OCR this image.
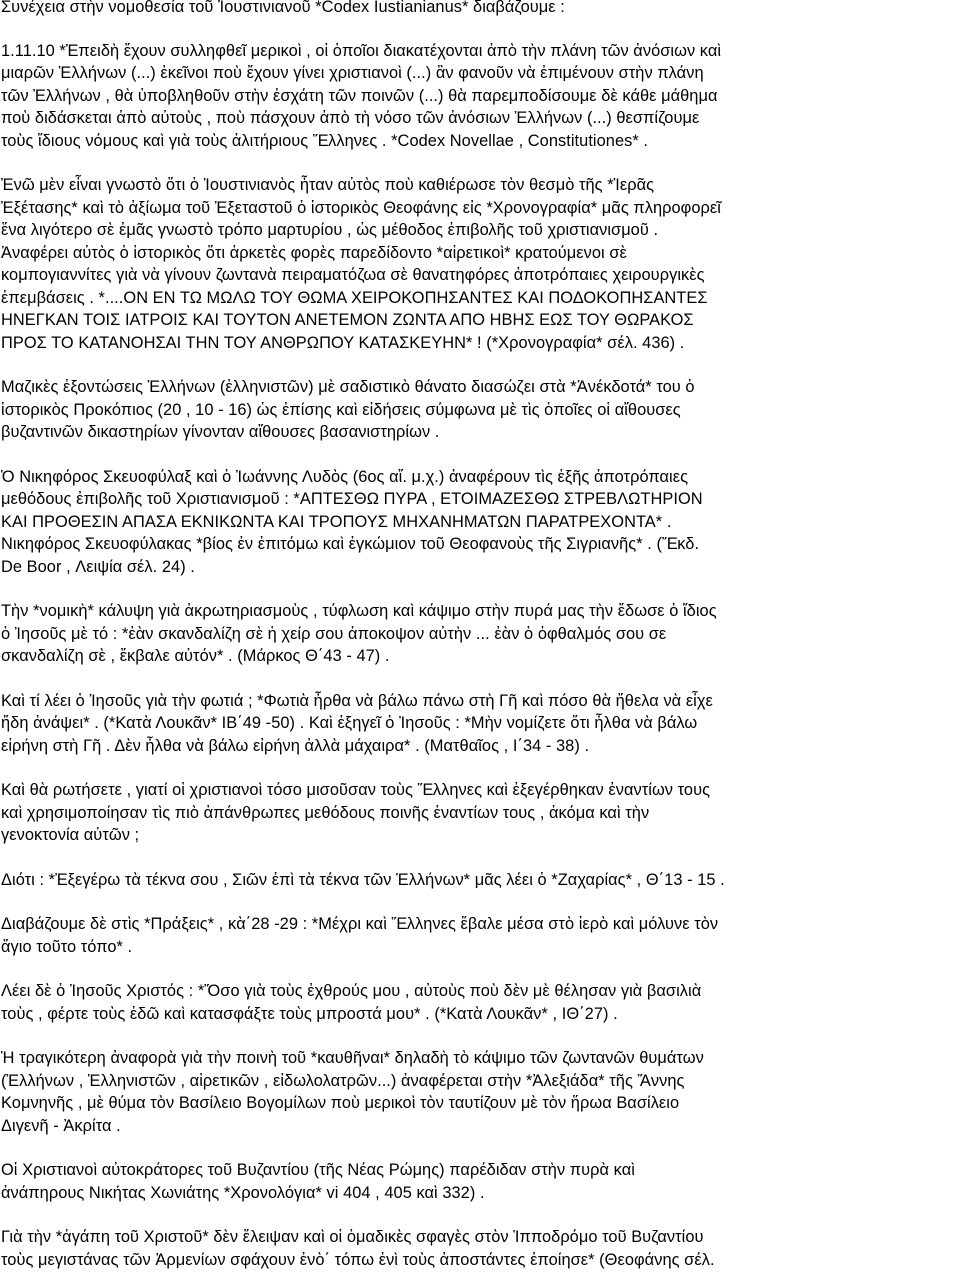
Συνέχεια στὴν νομοθεσία τοῦ Ἰουστινιανοῦ *Codex Iustianianus* διαβάζουμε :
1.11.10 *Ἐπειδὴ ἔχουν συλληφθεῖ μερικοὶ , οἱ ὁποῖοι διακατέχονται ἀπὸ τὴν πλάνη τῶν ἀνόσιων καὶ
μιαρῶν Ἑλλήνων (...) ἐκεῖνοι ποὺ ἔχουν γίνει χριστιανοὶ (...) ἂν φανοῦν νὰ ἐπιμένουν στὴν πλάνη
τῶν Ἑλλήνων , θὰ ὑποβληθοῦν στὴν ἐσχάτη τῶν ποινῶν (...) θὰ παρεμποδίσουμε δὲ κάθε μάθημα
ποὺ διδάσκεται ἀπὸ αὐτοὺς , ποὺ πάσχουν ἀπὸ τὴ νόσο τῶν ἀνόσιων Ἑλλήνων (...) θεσπίζουμε
τοὺς ἴδιους νόμους καὶ γιὰ τοὺς ἀλιτήριους Ἕλληνες . *Codex Novellae , Constitutiones* .
Ἐνῶ μὲν εἶναι γνωστὸ ὅτι ὁ Ἰουστινιανὸς ἦταν αὐτὸς ποὺ καθιέρωσε τὸν θεσμὸ τῆς *Ἱερᾶς
Ἐξέτασης* καὶ τὸ ἀξίωμα τοῦ Ἐξεταστοῦ ὁ ἱστορικὸς Θεοφάνης εἰς *Χρονογραφία* μᾶς πληροφορεῖ
ἕνα λιγότερο σὲ ἐμᾶς γνωστὸ τρόπο μαρτυρίου , ὡς μέθοδος ἐπιβολῆς τοῦ χριστιανισμοῦ .
Ἀναφέρει αὐτὸς ὁ ἱστορικὸς ὅτι ἀρκετὲς φορὲς παρεδίδοντο *αἱρετικοὶ* κρατούμενοι σὲ
κομπογιαννίτες γιὰ νὰ γίνουν ζωντανὰ πειραματόζωα σὲ θανατηφόρες ἀποτρόπαιες χειρουργικὲς
ἐπεμβάσεις . *....ΟΝ ΕΝ ΤΩ ΜΩΛΩ ΤΟΥ ΘΩΜΑ ΧΕΙΡΟΚΟΠΗΣΑΝΤΕΣ ΚΑΙ ΠΟΔΟΚΟΠΗΣΑΝΤΕΣ
ΗΝΕΓΚΑΝ ΤΟΙΣ ΙΑΤΡΟΙΣ ΚΑΙ ΤΟΥΤΟΝ ΑΝΕΤΕΜΟΝ ΖΩΝΤΑ ΑΠΟ ΗΒΗΣ ΕΩΣ ΤΟΥ ΘΩΡΑΚΟΣ
ΠΡΟΣ ΤΟ ΚΑΤΑΝΟΗΣΑΙ ΤΗΝ ΤΟΥ ΑΝΘΡΩΠΟΥ ΚΑΤΑΣΚΕΥΗΝ* ! (*Χρονογραφία* σέλ. 436) .
Μαζικὲς ἐξοντώσεις Ἑλλήνων (ἑλληνιστῶν) μὲ σαδιστικὸ θάνατο διασώζει στὰ *Ἀνέκδοτά* του ὁ
ἱστορικὸς Προκόπιος (20 , 10 - 16) ὡς ἐπίσης καὶ εἰδήσεις σύμφωνα μὲ τὶς ὁποῖες οἱ αἴθουσες
βυζαντινῶν δικαστηρίων γίνονταν αἴθουσες βασανιστηρίων .
Ὁ Νικηφόρος Σκευοφύλαξ καὶ ὁ Ἰωάννης Λυδὸς (6ος αἴ. μ.χ.) ἀναφέρουν τὶς ἑξῆς ἀποτρόπαιες
μεθόδους ἐπιβολῆς τοῦ Χριστιανισμοῦ : *ΑΠΤΕΣΘΩ ΠΥΡΑ , ΕΤΟΙΜΑΖΕΣΘΩ ΣΤΡΕΒΛΩΤΗΡΙΟΝ
ΚΑΙ ΠΡΟΘΕΣΙΝ ΑΠΑΣΑ ΕΚΝΙΚΩΝΤΑ ΚΑΙ ΤΡΟΠΟΥΣ ΜΗΧΑΝΗΜΑΤΩΝ ΠΑΡΑΤΡΕΧΟΝΤΑ* .
Νικηφόρος Σκευοφύλακας *βίος ἐν ἐπιτόμω καὶ ἐγκώμιον τοῦ Θεοφανοὺς τῆς Σιγριανῆς* . (Ἔκδ.
De Boor , Λειψία σέλ. 24) .
Τὴν *νομικὴ* κάλυψη γιὰ ἀκρωτηριασμοὺς , τύφλωση καὶ κάψιμο στὴν πυρά μας τὴν ἔδωσε ὁ ἴδιος
ὁ Ἰησοῦς μὲ τό : *ἐὰν σκανδαλίζη σὲ ἡ χείρ σου ἀποκοψον αὐτὴν ... ἐὰν ὁ ὀφθαλμός σου σε
σκανδαλίζη σὲ , ἔκβαλε αὐτόν* . (Μάρκος Θ΄43 - 47) .
Καὶ τί λέει ὁ Ἰησοῦς γιὰ τὴν φωτιά ; *Φωτιὰ ἦρθα νὰ βάλω πάνω στὴ Γῆ καὶ πόσο θὰ ἤθελα νὰ εἶχε
ἤδη ἀνάψει* . (*Κατὰ Λουκᾶν* ΙΒ΄49 -50) . Καὶ ἐξηγεῖ ὁ Ἰησοῦς : *Μὴν νομίζετε ὅτι ἦλθα νὰ βάλω
εἰρήνη στὴ Γῆ . Δὲν ἦλθα νὰ βάλω εἰρήνη ἀλλὰ μάχαιρα* . (Ματθαῖος , Ι΄34 - 38) .
Καὶ θὰ ρωτήσετε , γιατί οἱ χριστιανοὶ τόσο μισοῦσαν τοὺς Ἕλληνες καὶ ἐξεγέρθηκαν ἐναντίων τους
καὶ χρησιμοποίησαν τὶς πιὸ ἀπάνθρωπες μεθόδους ποινῆς ἐναντίων τους , ἀκόμα καὶ τὴν
γενοκτονία αὐτῶν ;
Διότι : *Ἐξεγέρω τὰ τέκνα σου , Σιῶν ἐπὶ τὰ τέκνα τῶν Ἑλλήνων* μᾶς λέει ὁ *Ζαχαρίας* , Θ΄13 - 15 .
Διαβάζουμε δὲ στὶς *Πράξεις* , κὰ΄28 -29 : *Μέχρι καὶ Ἕλληνες ἔβαλε μέσα στὸ ἱερὸ καὶ μόλυνε τὸν
ἅγιο τοῦτο τόπο* .
Λέει δὲ ὁ Ἰησοῦς Χριστός : *Ὅσο γιὰ τοὺς ἐχθρούς μου , αὐτοὺς ποὺ δὲν μὲ θέλησαν γιὰ βασιλιὰ
τοὺς , φέρτε τοὺς ἐδῶ καὶ κατασφάξτε τοὺς μπροστά μου* . (*Κατὰ Λουκᾶν* , ΙΘ΄27) .
Ἡ τραγικότερη ἀναφορὰ γιὰ τὴν ποινὴ τοῦ *καυθῆναι* δηλαδὴ τὸ κάψιμο τῶν ζωντανῶν θυμάτων
(Ἑλλήνων , Ἑλληνιστῶν , αἱρετικῶν , εἰδωλολατρῶν...) ἀναφέρεται στὴν *Ἀλεξιάδα* τῆς Ἄννης
Κομνηνῆς , μὲ θύμα τὸν Βασίλειο Βογομίλων ποὺ μερικοὶ τὸν ταυτίζουν μὲ τὸν ἥρωα Βασίλειο
Διγενῆ - Ἀκρίτα .
Οἱ Χριστιανοὶ αὐτοκράτορες τοῦ Βυζαντίου (τῆς Νέας Ρώμης) παρέδιδαν στὴν πυρὰ καὶ
ἀνάπηρους Νικήτας Χωνιάτης *Χρονολόγια* vi 404 , 405 καὶ 332) .
Γιὰ τὴν *ἀγάπη τοῦ Χριστοῦ* δὲν ἔλειψαν καὶ οἱ ὁμαδικὲς σφαγὲς στὸν Ἱπποδρόμο τοῦ Βυζαντίου
τοὺς μεγιστάνας τῶν Ἀρμενίων σφάχουν ἐνὸ΄ τόπω ἐνὶ τοὺς ἀποστάντες ἐποίησε* (Θεοφάνης σέλ.
